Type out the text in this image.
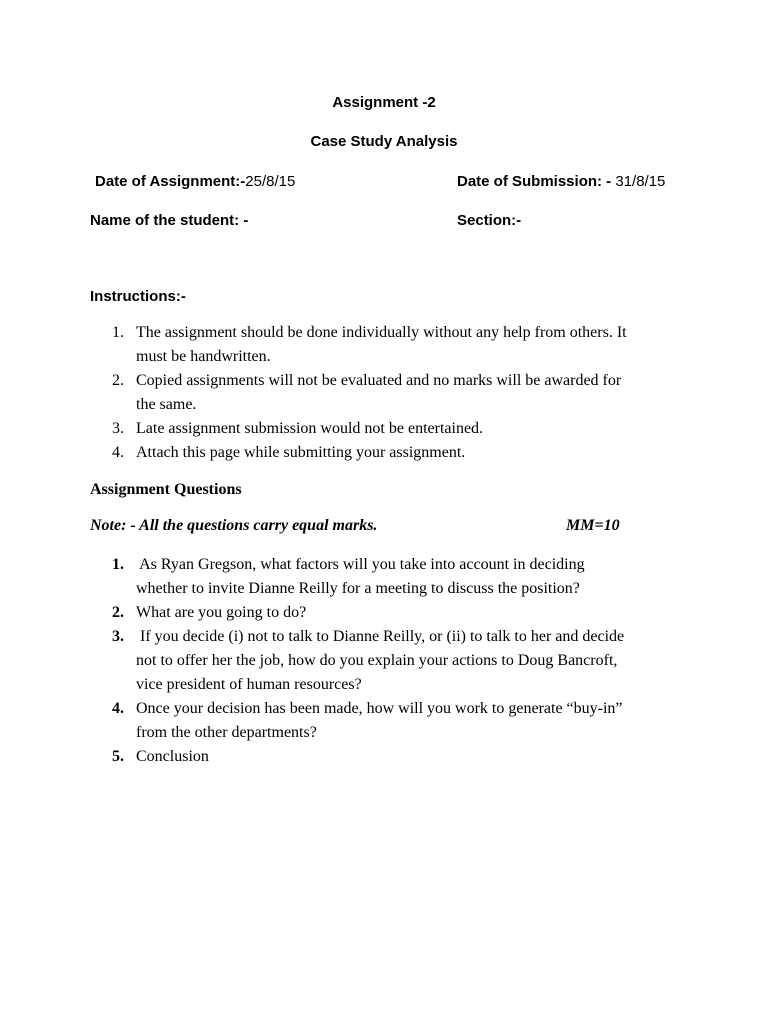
Assignment -2
Case Study Analysis
Date of Assignment:-25/8/15	Date of Submission: - 31/8/15
Name of the student: -	Section:-
Instructions:-
1. The assignment should be done individually without any help from others. It
must be handwritten.
2. Copied assignments will not be evaluated and no marks will be awarded for
the same.
3. Late assignment submission would not be entertained.
4. Attach this page while submitting your assignment.
Assignment Questions
Note: - All the questions carry equal marks.	MM=10
1. As Ryan Gregson, what factors will you take into account in deciding
whether to invite Dianne Reilly for a meeting to discuss the position?
2. What are you going to do?
3. If you decide (i) not to talk to Dianne Reilly, or (ii) to talk to her and decide
not to offer her the job, how do you explain your actions to Doug Bancroft,
vice president of human resources?
4. Once your decision has been made, how will you work to generate “buy-in”
from the other departments?
5. Conclusion
